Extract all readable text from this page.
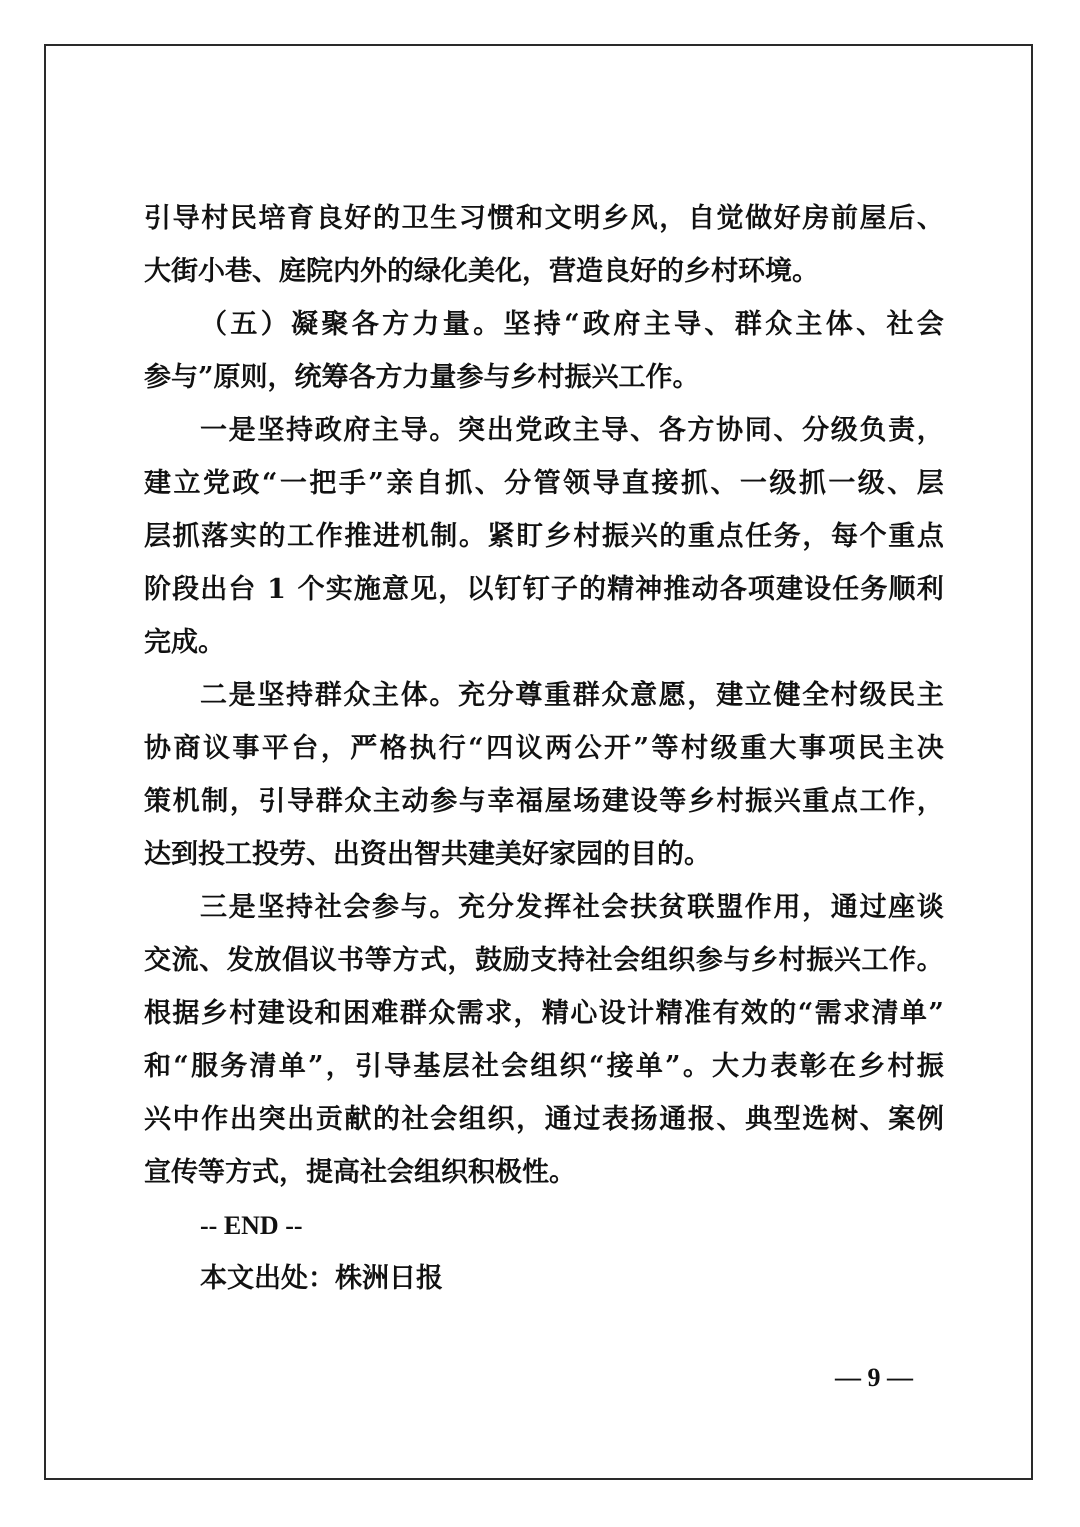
引 导 村 民 培 育 良 好 的 卫 生 习 惯 和 文 明 乡 风 ， 自 觉 做 好 房 前 屋 后 、
大街小巷、庭院内外的绿化美化，营造良好的乡村环境。
（ 五 ） 凝 聚 各 方 力 量 。 坚 持 “ 政 府 主 导 、 群 众 主 体 、 社 会
参与”原则，统筹各方力量参与乡村振兴工作。
一 是 坚 持 政 府 主 导 。 突 出 党 政 主 导 、 各 方 协 同 、 分 级 负 责 ，
建 立 党 政 “ 一 把 手 ” 亲 自 抓 、 分 管 领 导 直 接 抓 、 一 级 抓 一 级 、 层
层 抓 落 实 的 工 作 推 进 机 制 。 紧 盯 乡 村 振 兴 的 重 点 任 务 ， 每 个 重 点
阶 段 出 台
1
个 实 施 意 见 ， 以 钉 钉 子 的 精 神 推 动 各 项 建 设 任 务 顺 利
完成。
二 是 坚 持 群 众 主 体 。 充 分 尊 重 群 众 意 愿 ， 建 立 健 全 村 级 民 主
协 商 议 事 平 台 ， 严 格 执 行 “ 四 议 两 公 开 ” 等 村 级 重 大 事 项 民 主 决
策 机 制 ， 引 导 群 众 主 动 参 与 幸 福 屋 场 建 设 等 乡 村 振 兴 重 点 工 作 ，
达到投工投劳、出资出智共建美好家园的目的。
三 是 坚 持 社 会 参 与 。 充 分 发 挥 社 会 扶 贫 联 盟 作 用 ， 通 过 座 谈
交 流 、 发 放 倡 议 书 等 方 式 ， 鼓 励 支 持 社 会 组 织 参 与 乡 村 振 兴 工 作 。
根 据 乡 村 建 设 和 困 难 群 众 需 求 ， 精 心 设 计 精 准 有 效 的 “ 需 求 清 单 ”
和 “ 服 务 清 单 ” ， 引 导 基 层 社 会 组 织 “ 接 单 ” 。 大 力 表 彰 在 乡 村 振
兴 中 作 出 突 出 贡 献 的 社 会 组 织 ， 通 过 表 扬 通 报 、 典 型 选 树 、 案 例
宣传等方式，提高社会组织积极性。
-- END --
本文出处：株洲日报
— 9 —
